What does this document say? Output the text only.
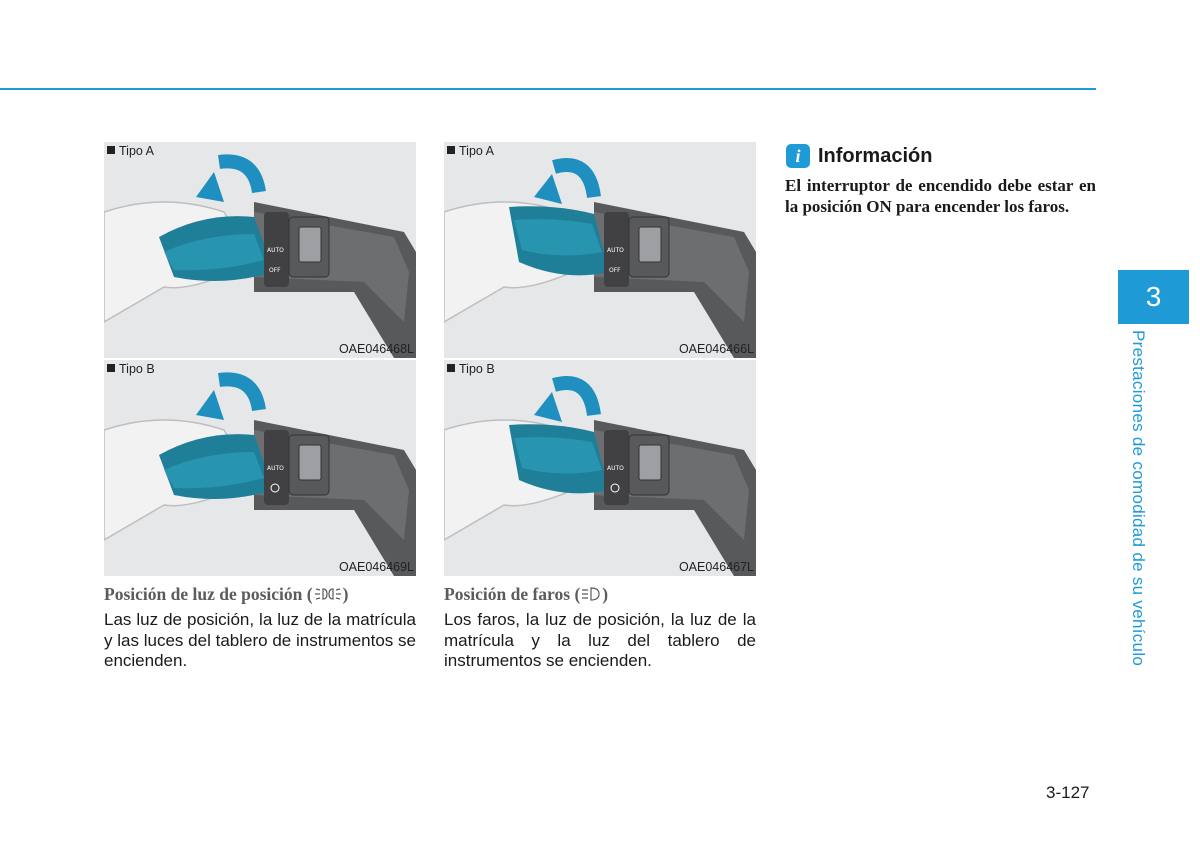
OFF
AUTO
Tipo A
OAE046468L
OFF
AUTO
Tipo A
OAE046466L
AUTO
Tipo B
OAE046469L
AUTO
Tipo B
OAE046467L
Posición de luz de posición ( )
Las luz de posición, la luz de la matrícula y las luces del tablero de instrumentos se encienden.
Posición de faros ( )
Los faros, la luz de posición, la luz de la matrícula y la luz del tablero de instrumentos se encienden.
i Información
El interruptor de encendido debe estar en la posición ON para encender los faros.
3
Prestaciones de comodidad de su vehículo
3-127
